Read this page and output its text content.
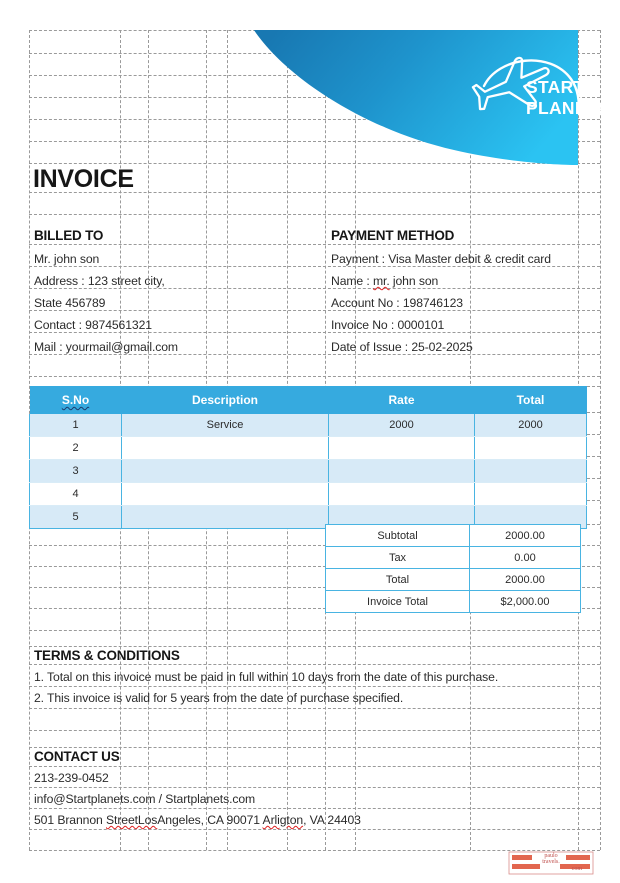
START
PLANETS
INVOICE
BILLED TO
Mr. john son
Address : 123 street city,
State 456789
Contact : 9874561321
Mail : yourmail@gmail.com
PAYMENT METHOD
Payment : Visa Master debit & credit card
Name : mr. john son
Account No : 198746123
Invoice No : 0000101
Date of Issue : 25-02-2025
S.No	Description	Rate	Total
1	Service	2000	2000
2			
3			
4			
5			
Subtotal	2000.00
Tax	0.00
Total	2000.00
Invoice Total	$2,000.00
TERMS & CONDITIONS
1. Total on this invoice must be paid in full within 10 days from the date of this purchase.
2. This invoice is valid for 5 years from the date of purchase specified.
CONTACT US
213-239-0452
info@Startplanets.com / Startplanets.com
501 Brannon StreetLosAngeles, CA 90071 Arligton, VA 24403
paulo
travels.
com
